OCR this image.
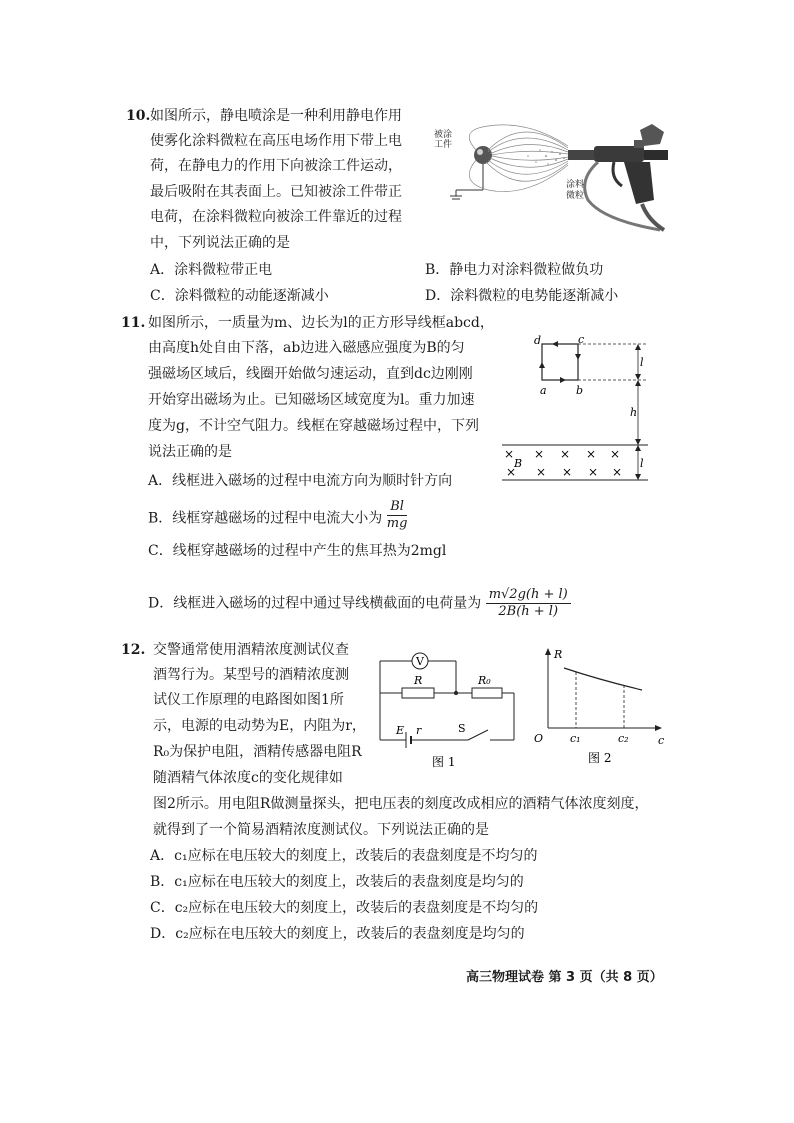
10. 如图所示，静电喷涂是一种利用静电作用
使雾化涂料微粒在高压电场作用下带上电
荷，在静电力的作用下向被涂工件运动，
最后吸附在其表面上。已知被涂工件带正
电荷，在涂料微粒向被涂工件靠近的过程
中，下列说法正确的是
被涂
工件
涂料
微粒
A．涂料微粒带正电	B．静电力对涂料微粒做负功
C．涂料微粒的动能逐渐减小	D．涂料微粒的电势能逐渐减小
11. 如图所示，一质量为m、边长为l的正方形导线框abcd，
由高度h处自由下落，ab边进入磁感应强度为B的匀
强磁场区域后，线圈开始做匀速运动，直到dc边刚刚
开始穿出磁场为止。已知磁场区域宽度为l。重力加速
度为g，不计空气阻力。线框在穿越磁场过程中，下列
说法正确的是
d	c
a	b
l
h
l
B
× × × × ×
× × × × ×
A．线框进入磁场的过程中电流方向为顺时针方向
B．线框穿越磁场的过程中电流大小为 $\frac{Bl}{mg}$
C．线框穿越磁场的过程中产生的焦耳热为2mgl
D．线框进入磁场的过程中通过导线横截面的电荷量为 $\frac{m√2g(h + l)}{2B(h + l)}$
12. 交警通常使用酒精浓度测试仪查
酒驾行为。某型号的酒精浓度测
试仪工作原理的电路图如图1所
示，电源的电动势为E，内阻为r，
R₀为保护电阻，酒精传感器电阻R
随酒精气体浓度c的变化规律如
图2所示。用电阻R做测量探头，把电压表的刻度改成相应的酒精气体浓度刻度，
就得到了一个简易酒精浓度测试仪。下列说法正确的是
V
R	R₀
E r	S
图 1
R
O c₁	c₂	c
图 2
A．c₁应标在电压较大的刻度上，改装后的表盘刻度是不均匀的
B．c₁应标在电压较大的刻度上，改装后的表盘刻度是均匀的
C．c₂应标在电压较大的刻度上，改装后的表盘刻度是不均匀的
D．c₂应标在电压较大的刻度上，改装后的表盘刻度是均匀的
高三物理试卷 第 3 页（共 8 页）
